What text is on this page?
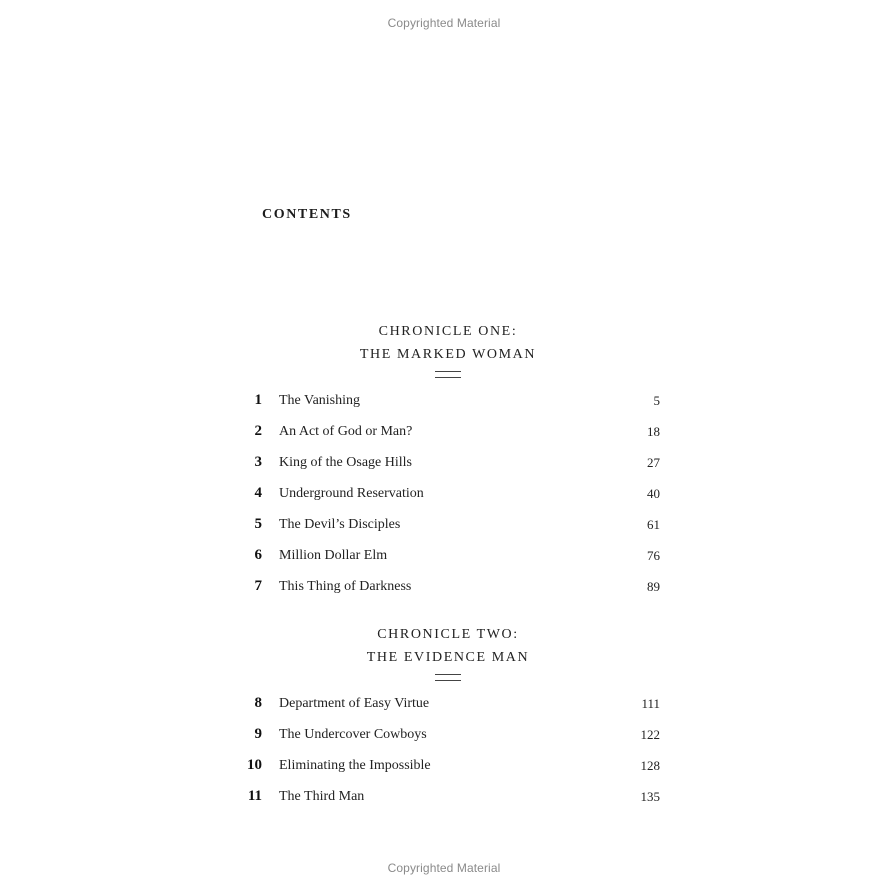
Copyrighted Material
CONTENTS
CHRONICLE ONE:
THE MARKED WOMAN
1 The Vanishing	5
2 An Act of God or Man?	18
3 King of the Osage Hills	27
4 Underground Reservation	40
5 The Devil’s Disciples	61
6 Million Dollar Elm	76
7 This Thing of Darkness	89
CHRONICLE TWO:
THE EVIDENCE MAN
8 Department of Easy Virtue	111
9 The Undercover Cowboys	122
10 Eliminating the Impossible	128
11 The Third Man	135
Copyrighted Material
